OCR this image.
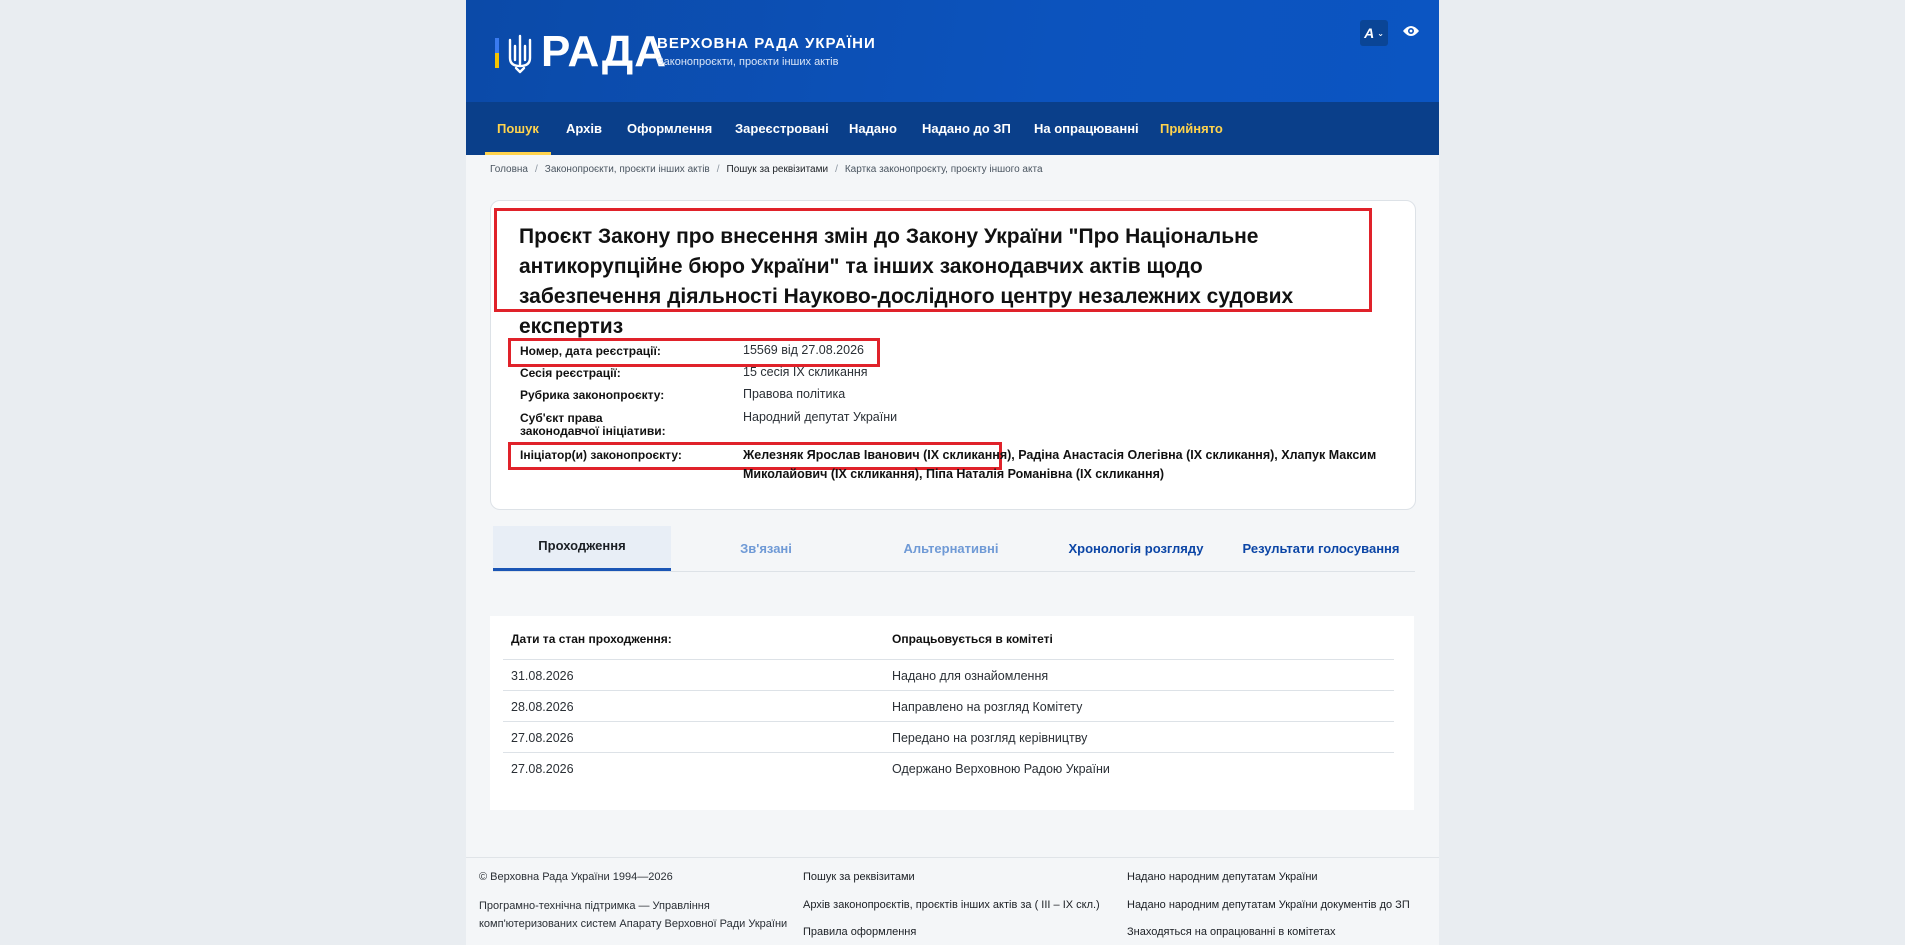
РАДА
ВЕРХОВНА РАДА УКРАЇНИ
Законопроєкти, проєкти інших актів
А ⌄
Пошук Архів Оформлення Зареєстровані Надано Надано до ЗП На опрацюванні Прийнято
Головна / Законопроєкти, проєкти інших актів / Пошук за реквізитами / Картка законопроєкту, проєкту іншого акта
Проєкт Закону про внесення змін до Закону України "Про Національне антикорупційне бюро України" та інших законодавчих актів щодо забезпечення діяльності Науково-дослідного центру незалежних судових експертиз
Номер, дата реєстрації:	15569 від 27.08.2026
Сесія реєстрації:	15 сесія IX скликання
Рубрика законопроєкту:	Правова політика
Суб'єкт права законодавчої ініціативи:
Народний депутат України
Ініціатор(и) законопроєкту:	Железняк Ярослав Іванович (IX скликання), Радіна Анастасія Олегівна (IX скликання), Хлапук Максим Миколайович (IX скликання), Піпа Наталія Романівна (IX скликання)
Проходження	Зв'язані	Альтернативні	Хронологія розгляду	Результати голосування
Дати та стан проходження:	Опрацьовується в комітеті
31.08.2026	Надано для ознайомлення
28.08.2026	Направлено на розгляд Комітету
27.08.2026	Передано на розгляд керівництву
27.08.2026	Одержано Верховною Радою України
© Верховна Рада України 1994—2026
Програмно-технічна підтримка — Управління комп'ютеризованих систем Апарату Верховної Ради України
Пошук за реквізитами
Архів законопроєктів, проєктів інших актів за ( III – IX скл.)
Правила оформлення
Надано народним депутатам України
Надано народним депутатам України документів до ЗП
Знаходяться на опрацюванні в комітетах
